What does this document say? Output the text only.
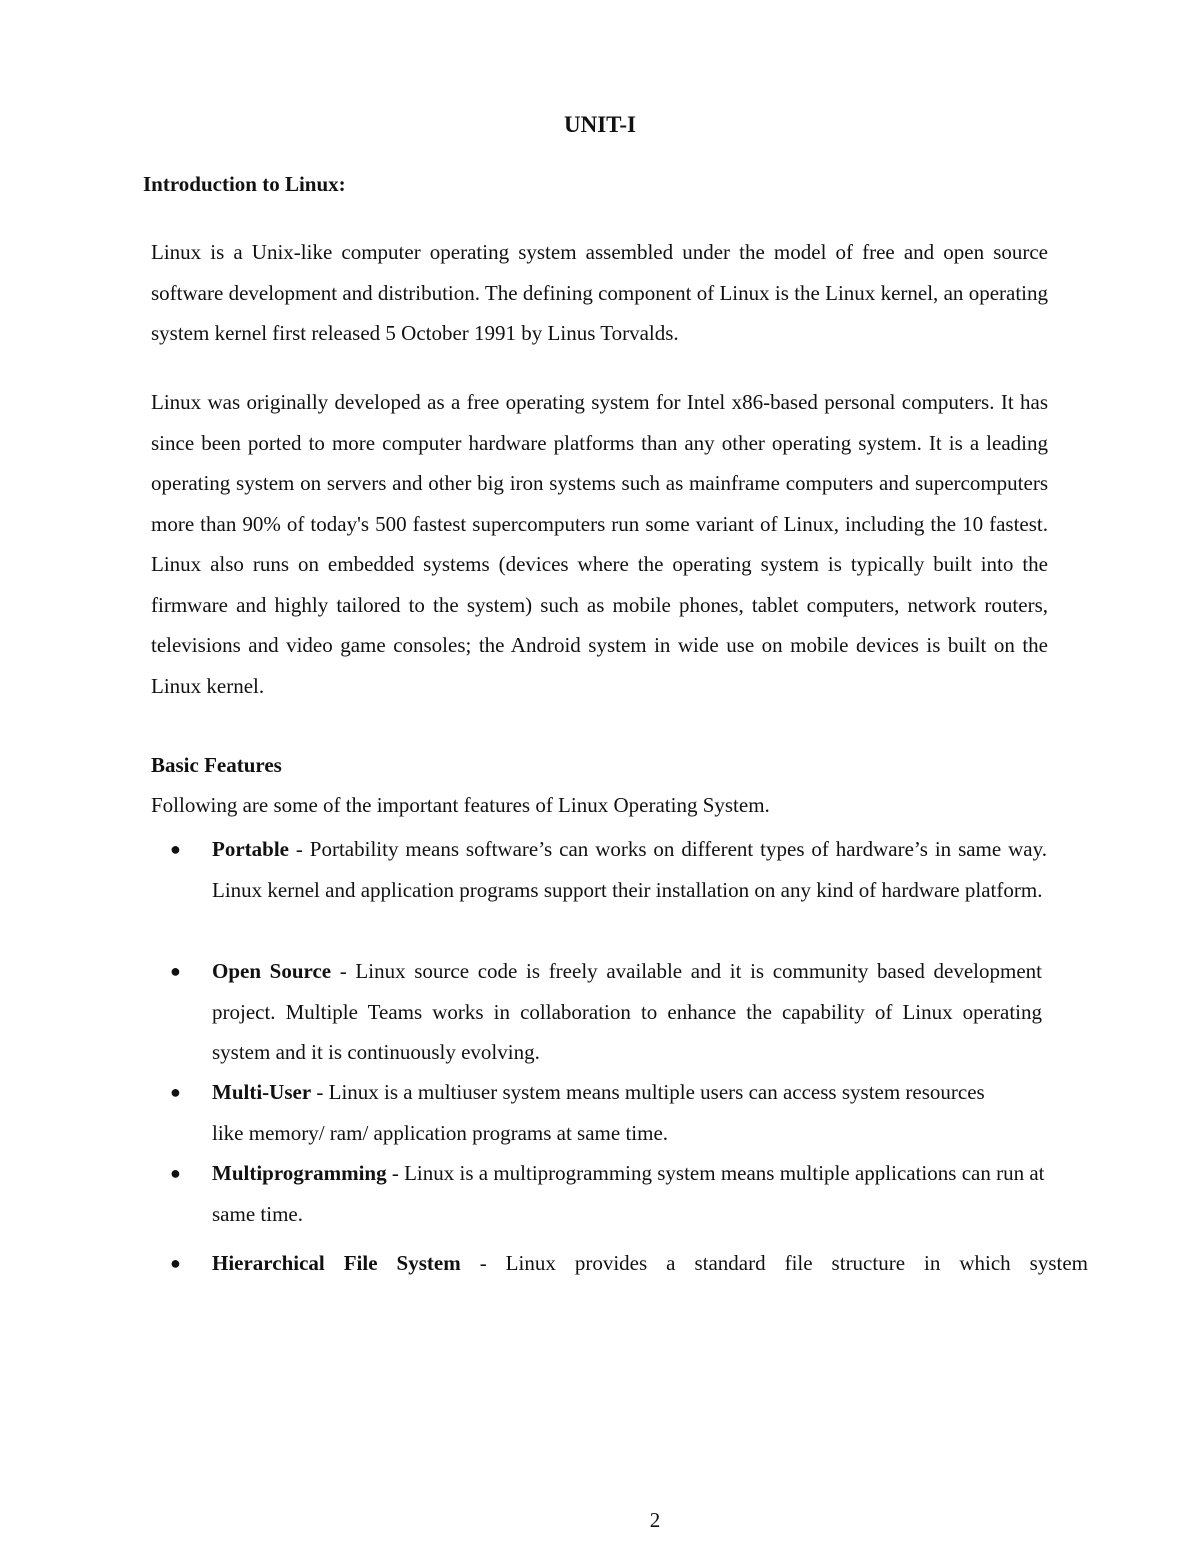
UNIT-I
Introduction to Linux:

Linux is a Unix-like computer operating system assembled under the model of free and open source software development and distribution. The defining component of Linux is the Linux kernel, an operating system kernel first released 5 October 1991 by Linus Torvalds.

Linux was originally developed as a free operating system for Intel x86-based personal computers. It has since been ported to more computer hardware platforms than any other operating system. It is a leading operating system on servers and other big iron systems such as mainframe computers and supercomputers more than 90% of today's 500 fastest supercomputers run some variant of Linux, including the 10 fastest. Linux also runs on embedded systems (devices where the operating system is typically built into the firmware and highly tailored to the system) such as mobile phones, tablet computers, network routers, televisions and video game consoles; the Android system in wide use on mobile devices is built on the Linux kernel.

Basic Features

Following are some of the important features of Linux Operating System.

● Portable - Portability means software’s can works on different types of hardware’s in same way. Linux kernel and application programs support their installation on any kind of hardware platform.
● Open Source - Linux source code is freely available and it is community based development project. Multiple Teams works in collaboration to enhance the capability of Linux operating system and it is continuously evolving.
● Multi-User - Linux is a multiuser system means multiple users can access system resources like memory/ ram/ application programs at same time.
● Multiprogramming - Linux is a multiprogramming system means multiple applications can run at same time.
● Hierarchical File System - Linux provides a standard file structure in which system

2
